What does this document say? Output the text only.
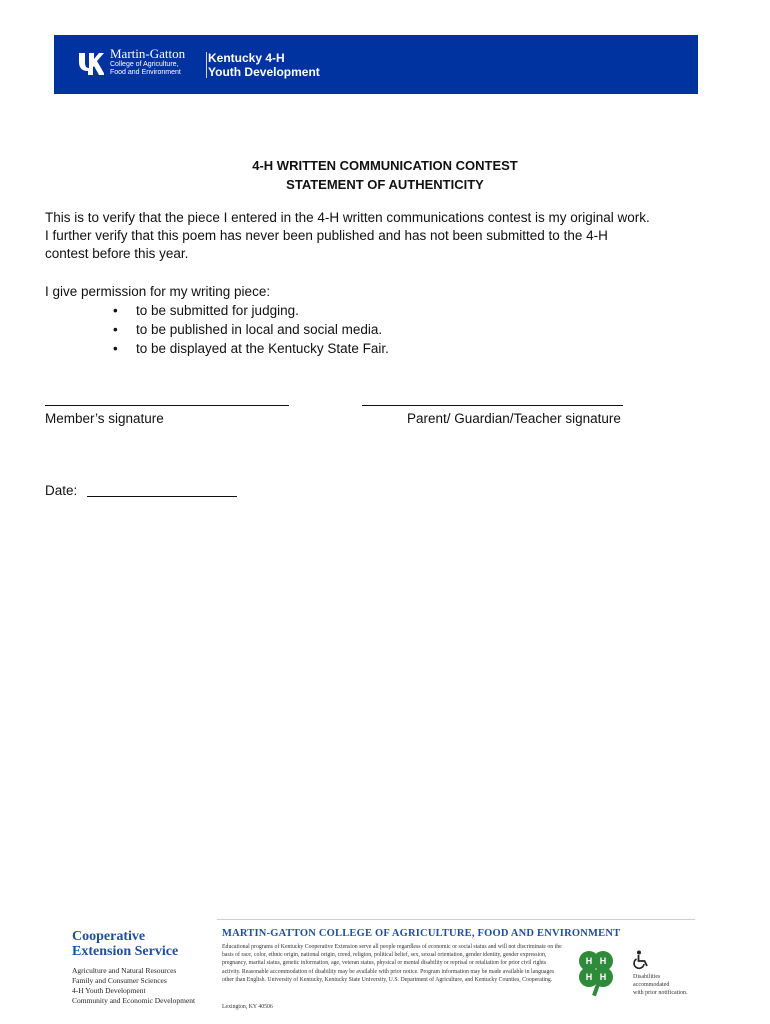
Martin-Gatton
College of Agriculture,
Food and Environment
Kentucky 4-H
Youth Development
4-H WRITTEN COMMUNICATION CONTEST
STATEMENT OF AUTHENTICITY
This is to verify that the piece I entered in the 4-H written communications contest is my original work.
I further verify that this poem has never been published and has not been submitted to the 4-H
contest before this year.
I give permission for my writing piece:
• to be submitted for judging.
• to be published in local and social media.
• to be displayed at the Kentucky State Fair.
Member’s signature	Parent/ Guardian/Teacher signature
Date:
Cooperative
Extension Service
Agriculture and Natural Resources
Family and Consumer Sciences
4-H Youth Development
Community and Economic Development
MARTIN-GATTON COLLEGE OF AGRICULTURE, FOOD AND ENVIRONMENT
Educational programs of Kentucky Cooperative Extension serve all people regardless of economic or social status and will not discriminate on the basis of race, color, ethnic origin, national origin, creed, religion, political belief, sex, sexual orientation, gender identity, gender expression, pregnancy, marital status, genetic information, age, veteran status, physical or mental disability or reprisal or retaliation for prior civil rights activity. Reasonable accommodation of disability may be available with prior notice. Program information may be made available in languages other than English. University of Kentucky, Kentucky State University, U.S. Department of Agriculture, and Kentucky Counties, Cooperating.
Lexington, KY 40506
H H
H H	Disabilities
accommodated
with prior notification.
